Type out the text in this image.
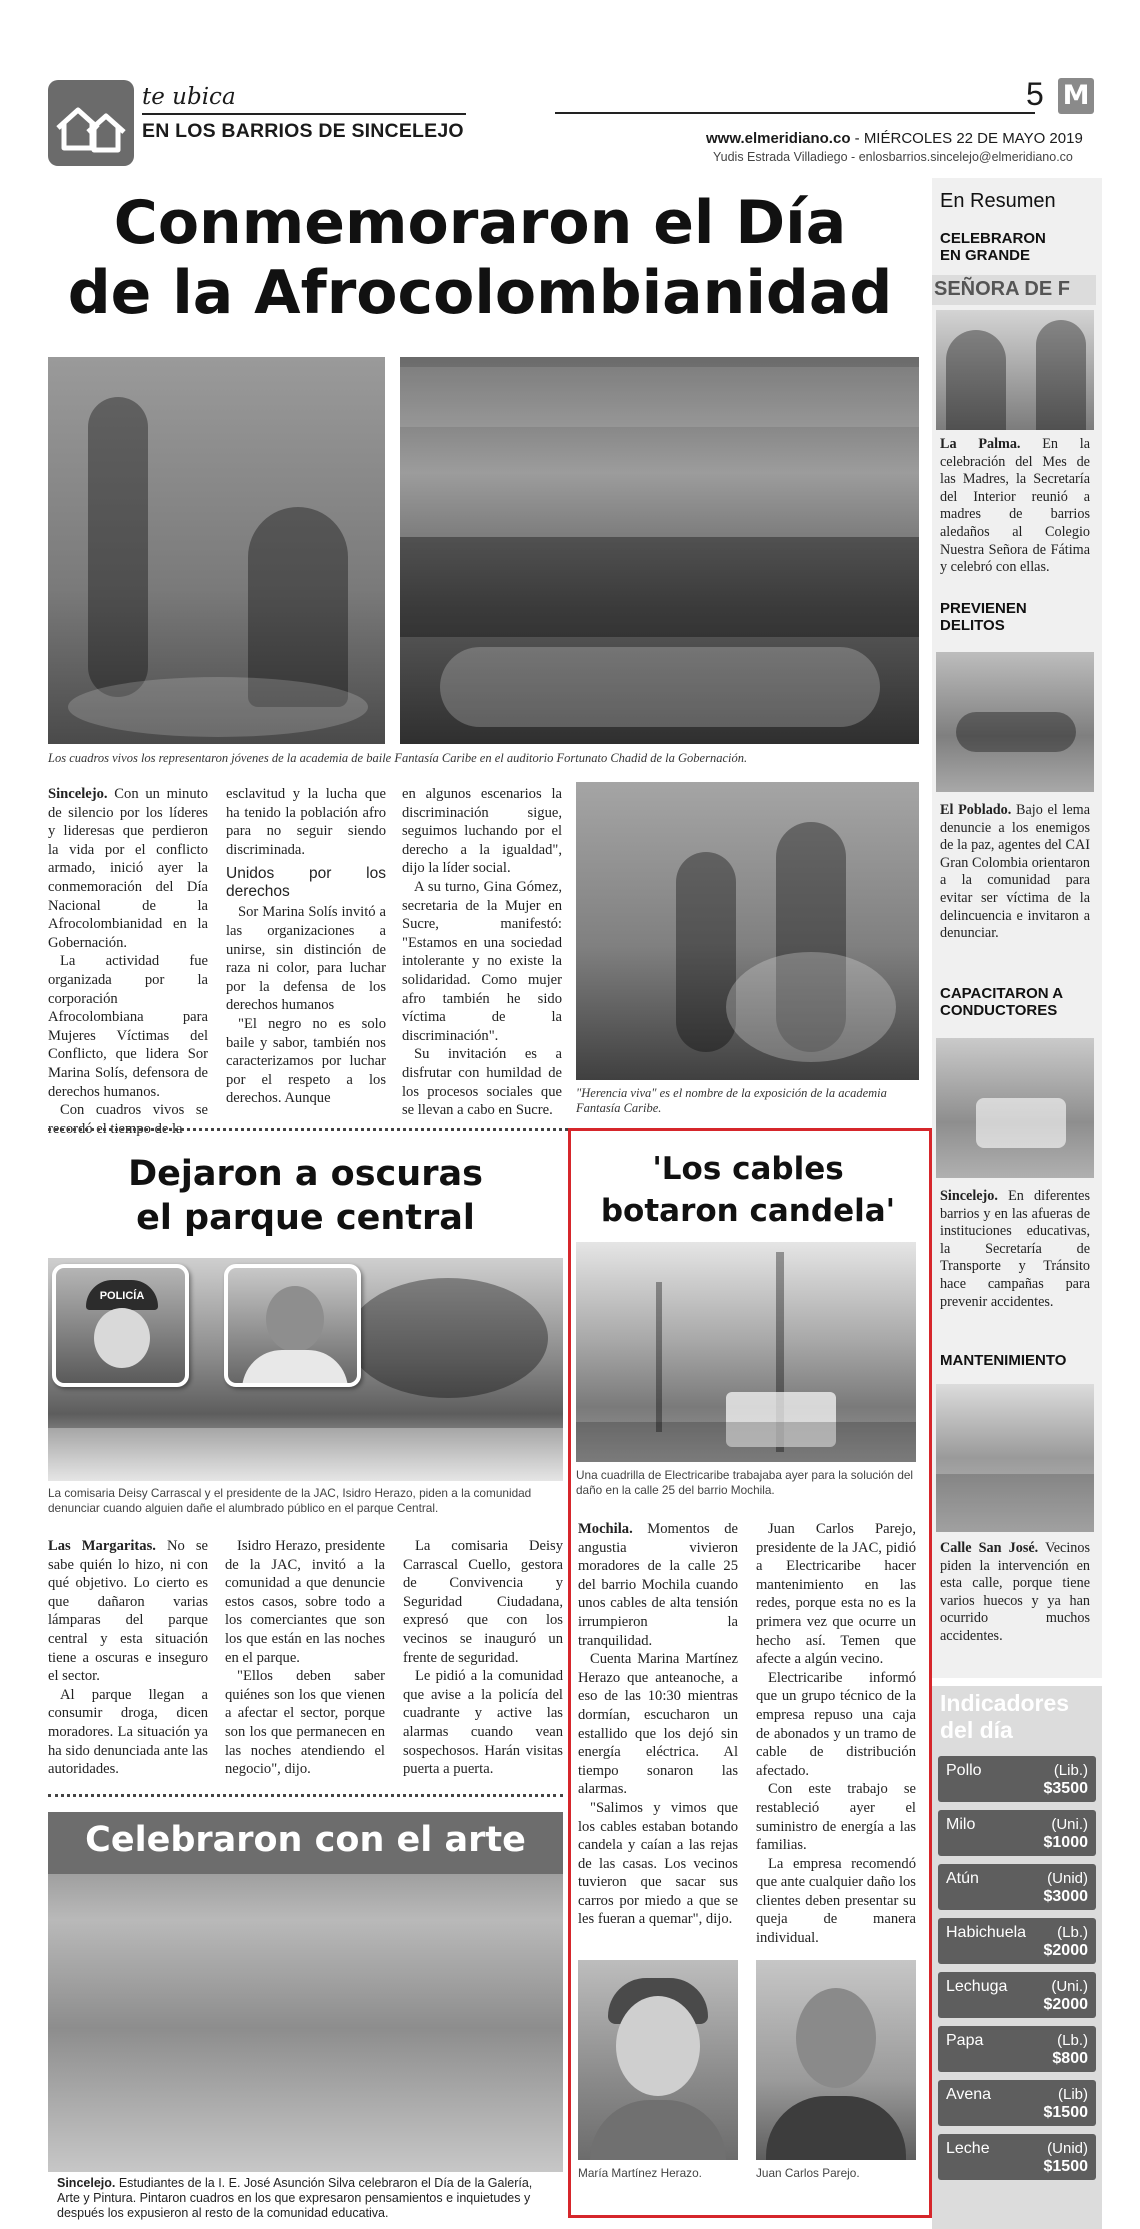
te ubica
EN LOS BARRIOS DE SINCELEJO
5 M
www.elmeridiano.co - MIÉRCOLES 22 DE MAYO 2019
Yudis Estrada Villadiego - enlosbarrios.sincelejo@elmeridiano.co
Conmemoraron el Día
de la Afrocolombianidad
Los cuadros vivos los representaron jóvenes de la academia de baile Fantasía Caribe en el auditorio Fortunato Chadid de la Gobernación.

Sincelejo. Con un minuto de silencio por los líderes y lideresas que perdieron la vida por el conflicto armado, inició ayer la conmemoración del Día Nacional de la Afrocolombianidad en la Gobernación.

La actividad fue organizada por la corporación Afrocolombiana para Mujeres Víctimas del Conflicto, que lidera Sor Marina Solís, defensora de derechos humanos.

Con cuadros vivos se recordó el tiempo de la

esclavitud y la lucha que ha tenido la población afro para no seguir siendo discriminada.

Unidos por los derechos

Sor Marina Solís invitó a las organizaciones a unirse, sin distinción de raza ni color, para luchar por la defensa de los derechos humanos

"El negro no es solo baile y sabor, también nos caracterizamos por luchar por el respeto a los derechos. Aunque

en algunos escenarios la discriminación sigue, seguimos luchando por el derecho a la igualdad", dijo la líder social.

A su turno, Gina Gómez, secretaria de la Mujer en Sucre, manifestó: "Estamos en una sociedad intolerante y no existe la solidaridad. Como mujer afro también he sido víctima de la discriminación".

Su invitación es a disfrutar con humildad de los procesos sociales que se llevan a cabo en Sucre.

"Herencia viva" es el nombre de la exposición de la academia Fantasía Caribe.
Dejaron a oscuras
el parque central
POLICÍA
La comisaria Deisy Carrascal y el presidente de la JAC, Isidro Herazo, piden a la comunidad denunciar cuando alguien dañe el alumbrado público en el parque Central.

Las Margaritas. No se sabe quién lo hizo, ni con qué objetivo. Lo cierto es que dañaron varias lámparas del parque central y esta situación tiene a oscuras e inseguro el sector.

Al parque llegan a consumir droga, dicen moradores. La situación ya ha sido denunciada ante las autoridades.

Isidro Herazo, presidente de la JAC, invitó a la comunidad a que denuncie estos casos, sobre todo a los comerciantes que son los que están en las noches en el parque.

"Ellos deben saber quiénes son los que vienen a afectar el sector, porque son los que permanecen en las noches atendiendo el negocio", dijo.

La comisaria Deisy Carrascal Cuello, gestora de Convivencia y Seguridad Ciudadana, expresó que con los vecinos se inauguró un frente de seguridad.

Le pidió a la comunidad que avise a la policía del cuadrante y active las alarmas cuando vean sospechosos. Harán visitas puerta a puerta.

Celebraron con el arte
Sincelejo. Estudiantes de la I. E. José Asunción Silva celebraron el Día de la Galería, Arte y Pintura. Pintaron cuadros en los que expresaron pensamientos e inquietudes y después los expusieron al resto de la comunidad educativa.
'Los cables
botaron candela'
Una cuadrilla de Electricaribe trabajaba ayer para la solución del daño en la calle 25 del barrio Mochila.

Mochila. Momentos de angustia vivieron moradores de la calle 25 del barrio Mochila cuando unos cables de alta tensión irrumpieron la tranquilidad.

Cuenta Marina Martínez Herazo que anteanoche, a eso de las 10:30 mientras dormían, escucharon un estallido que los dejó sin energía eléctrica. Al tiempo sonaron las alarmas.

"Salimos y vimos que los cables estaban botando candela y caían a las rejas de las casas. Los vecinos tuvieron que sacar sus carros por miedo a que se les fueran a quemar", dijo.

Juan Carlos Parejo, presidente de la JAC, pidió a Electricaribe hacer mantenimiento en las redes, porque esta no es la primera vez que ocurre un hecho así. Temen que afecte a algún vecino.

Electricaribe informó que un grupo técnico de la empresa repuso una caja de abonados y un tramo de cable de distribución afectado.

Con este trabajo se restableció ayer el suministro de energía a las familias.

La empresa recomendó que ante cualquier daño los clientes deben presentar su queja de manera individual.

María Martínez Herazo.	Juan Carlos Parejo.
En Resumen
CELEBRARON EN GRANDE
SEÑORA DE F
La Palma. En la celebración del Mes de las Madres, la Secretaría del Interior reunió a madres de barrios aledaños al Colegio Nuestra Señora de Fátima y celebró con ellas.
PREVIENEN DELITOS
El Poblado. Bajo el lema denuncie a los enemigos de la paz, agentes del CAI Gran Colombia orientaron a la comunidad para evitar ser víctima de la delincuencia e invitaron a denunciar.
CAPACITARON A CONDUCTORES
Sincelejo. En diferentes barrios y en las afueras de instituciones educativas, la Secretaría de Transporte y Tránsito hace campañas para prevenir accidentes.
MANTENIMIENTO
Calle San José. Vecinos piden la intervención en esta calle, porque tiene varios huecos y ya han ocurrido muchos accidentes.
Indicadores
del día
Pollo	(Lib.)
$3500
Milo	(Uni.)
$1000
Atún	(Unid)
$3000
Habichuela (Lb.)
$2000
Lechuga	(Uni.)
$2000
Papa	(Lb.)
$800
Avena	(Lib)
$1500
Leche	(Unid)
$1500
